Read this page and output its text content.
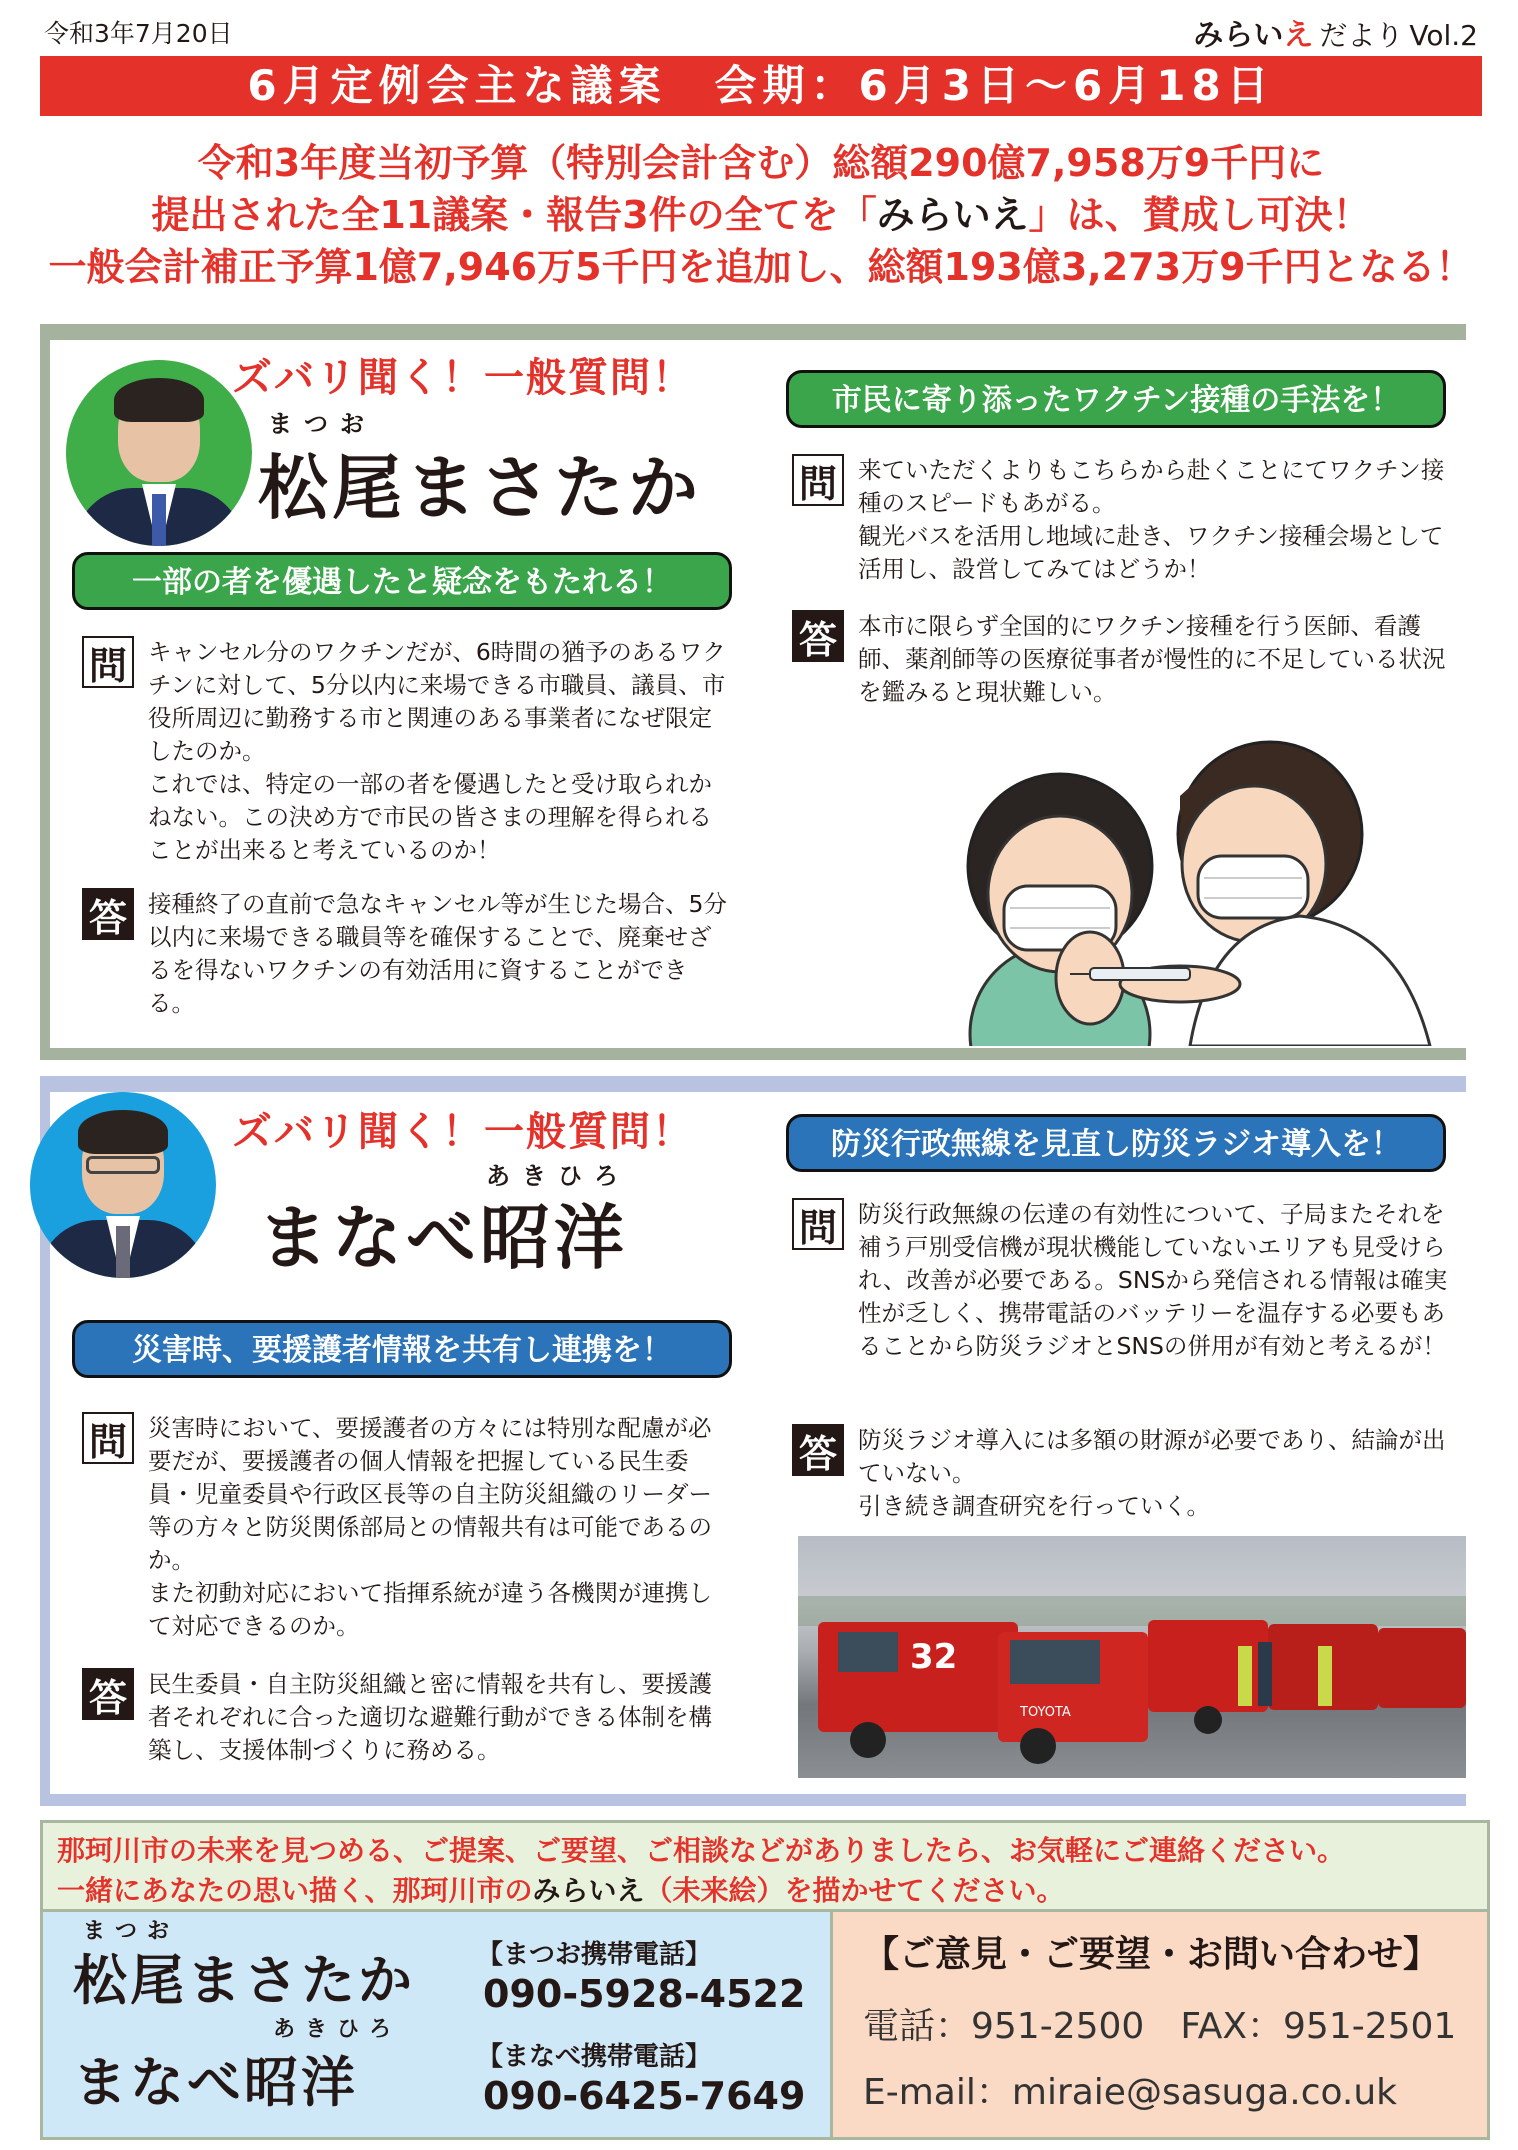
令和3年7月20日	みらいえ だより Vol.2
6月定例会主な議案　会期：6月3日〜6月18日
令和3年度当初予算（特別会計含む）総額290億7,958万9千円に
提出された全11議案・報告3件の全てを「みらいえ」は、賛成し可決！
一般会計補正予算1億7,946万5千円を追加し、総額193億3,273万9千円となる！
ズバリ聞く！一般質問！
まつお
松尾まさたか
一部の者を優遇したと疑念をもたれる！
問 キャンセル分のワクチンだが、6時間の猶予のあるワクチンに対して、5分以内に来場できる市職員、議員、市役所周辺に勤務する市と関連のある事業者になぜ限定したのか。
これでは、特定の一部の者を優遇したと受け取られかねない。この決め方で市民の皆さまの理解を得られることが出来ると考えているのか！
答 接種終了の直前で急なキャンセル等が生じた場合、5分以内に来場できる職員等を確保することで、廃棄せざるを得ないワクチンの有効活用に資することができる。
市民に寄り添ったワクチン接種の手法を！
問 来ていただくよりもこちらから赴くことにてワクチン接種のスピードもあがる。
観光バスを活用し地域に赴き、ワクチン接種会場として活用し、設営してみてはどうか！
答 本市に限らず全国的にワクチン接種を行う医師、看護師、薬剤師等の医療従事者が慢性的に不足している状況を鑑みると現状難しい。
ズバリ聞く！一般質問！
あきひろ
まなべ昭洋
災害時、要援護者情報を共有し連携を！
問 災害時において、要援護者の方々には特別な配慮が必要だが、要援護者の個人情報を把握している民生委員・児童委員や行政区長等の自主防災組織のリーダー等の方々と防災関係部局との情報共有は可能であるのか。
また初動対応において指揮系統が違う各機関が連携して対応できるのか。
答 民生委員・自主防災組織と密に情報を共有し、要援護者それぞれに合った適切な避難行動ができる体制を構築し、支援体制づくりに務める。
防災行政無線を見直し防災ラジオ導入を！
問 防災行政無線の伝達の有効性について、子局またそれを補う戸別受信機が現状機能していないエリアも見受けられ、改善が必要である。SNSから発信される情報は確実性が乏しく、携帯電話のバッテリーを温存する必要もあることから防災ラジオとSNSの併用が有効と考えるが！
答 防災ラジオ導入には多額の財源が必要であり、結論が出ていない。
引き続き調査研究を行っていく。
32
TOYOTA
那珂川市の未来を見つめる、ご提案、ご要望、ご相談などがありましたら、お気軽にご連絡ください。
一緒にあなたの思い描く、那珂川市のみらいえ（未来絵）を描かせてください。
まつお
松尾まさたか 【まつお携帯電話】
090-5928-4522
あきひろ
まなべ昭洋	【まなべ携帯電話】
090-6425-7649
【ご意見・ご要望・お問い合わせ】
電話：951-2500　FAX：951-2501
E-mail：miraie@sasuga.co.uk
